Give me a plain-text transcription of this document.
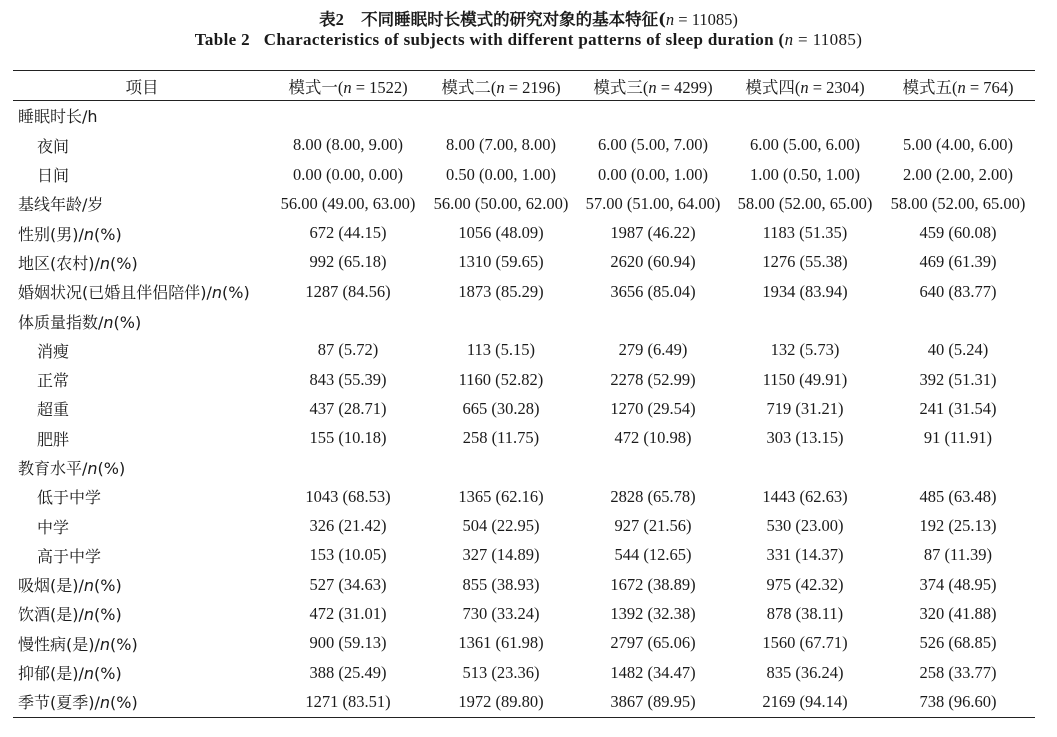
表2 不同睡眠时长模式的研究对象的基本特征(n = 11085)
Table 2 Characteristics of subjects with different patterns of sleep duration (n = 11085)
项目	模式一(n = 1522)	模式二(n = 2196)	模式三(n = 4299)	模式四(n = 2304)	模式五(n = 764)
睡眠时长/h					
夜间	8.00 (8.00, 9.00)	8.00 (7.00, 8.00)	6.00 (5.00, 7.00)	6.00 (5.00, 6.00)	5.00 (4.00, 6.00)
日间	0.00 (0.00, 0.00)	0.50 (0.00, 1.00)	0.00 (0.00, 1.00)	1.00 (0.50, 1.00)	2.00 (2.00, 2.00)
基线年龄/岁	56.00 (49.00, 63.00)	56.00 (50.00, 62.00)	57.00 (51.00, 64.00)	58.00 (52.00, 65.00)	58.00 (52.00, 65.00)
性别(男)/n(%)	672 (44.15)	1056 (48.09)	1987 (46.22)	1183 (51.35)	459 (60.08)
地区(农村)/n(%)	992 (65.18)	1310 (59.65)	2620 (60.94)	1276 (55.38)	469 (61.39)
婚姻状况(已婚且伴侣陪伴)/n(%)	1287 (84.56)	1873 (85.29)	3656 (85.04)	1934 (83.94)	640 (83.77)
体质量指数/n(%)					
消瘦	87 (5.72)	113 (5.15)	279 (6.49)	132 (5.73)	40 (5.24)
正常	843 (55.39)	1160 (52.82)	2278 (52.99)	1150 (49.91)	392 (51.31)
超重	437 (28.71)	665 (30.28)	1270 (29.54)	719 (31.21)	241 (31.54)
肥胖	155 (10.18)	258 (11.75)	472 (10.98)	303 (13.15)	91 (11.91)
教育水平/n(%)					
低于中学	1043 (68.53)	1365 (62.16)	2828 (65.78)	1443 (62.63)	485 (63.48)
中学	326 (21.42)	504 (22.95)	927 (21.56)	530 (23.00)	192 (25.13)
高于中学	153 (10.05)	327 (14.89)	544 (12.65)	331 (14.37)	87 (11.39)
吸烟(是)/n(%)	527 (34.63)	855 (38.93)	1672 (38.89)	975 (42.32)	374 (48.95)
饮酒(是)/n(%)	472 (31.01)	730 (33.24)	1392 (32.38)	878 (38.11)	320 (41.88)
慢性病(是)/n(%)	900 (59.13)	1361 (61.98)	2797 (65.06)	1560 (67.71)	526 (68.85)
抑郁(是)/n(%)	388 (25.49)	513 (23.36)	1482 (34.47)	835 (36.24)	258 (33.77)
季节(夏季)/n(%)	1271 (83.51)	1972 (89.80)	3867 (89.95)	2169 (94.14)	738 (96.60)
